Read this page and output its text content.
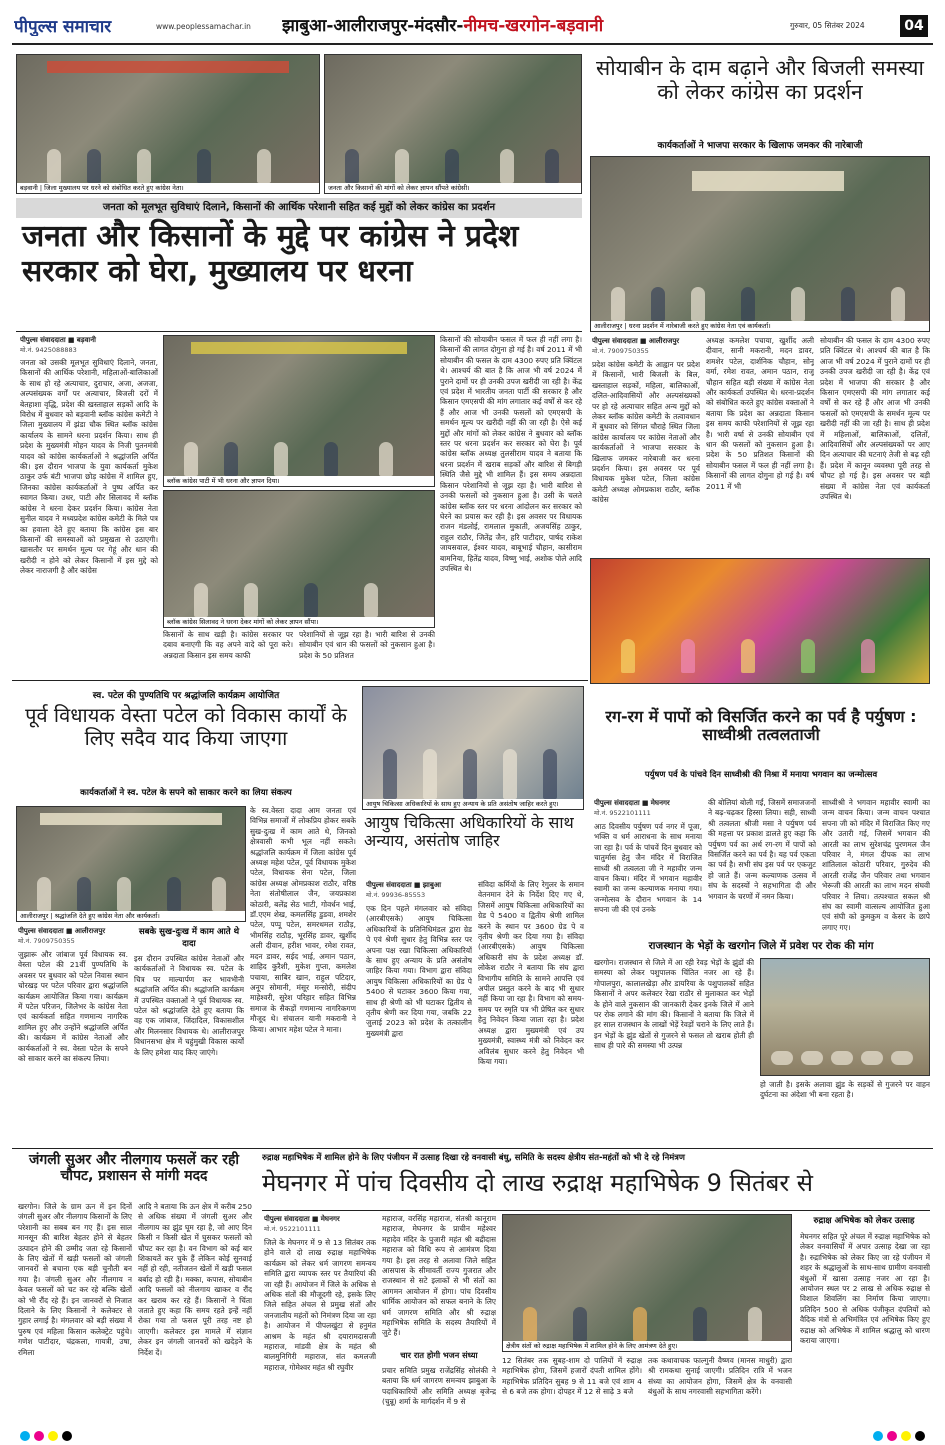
पीपुल्स समाचार	www.peoplessamachar.in	झाबुआ-आलीराजपुर-मंदसौर-नीमच-खरगोन-बड़वानी	गुरुवार, 05 सितंबर 2024	04
बड़वानी | जिला मुख्यालय पर धरने को संबोधित करते हुए कांग्रेस नेता।	जनता और किसानों की मांगों को लेकर ज्ञापन सौंपते कांग्रेसी।
जनता को मूलभूत सुविधाएं दिलाने, किसानों की आर्थिक परेशानी सहित कई मुद्दों को लेकर कांग्रेस का प्रदर्शन
जनता और किसानों के मुद्दे पर कांग्रेस ने प्रदेश सरकार को घेरा, मुख्यालय पर धरना
पीपुल्स संवाददाता ■ बड़वानी
मो.नं. 9425088883
जनता को उसकी मूलभूत सुविधाएं दिलाने, जनता, किसानों की आर्थिक परेशानी, महिलाओं-बालिकाओं के साथ हो रहे अत्याचार, दुराचार, अजा, अजजा, अल्पसंख्यक वर्गों पर अत्याचार, बिजली दरों में बेतहाशा वृद्धि, प्रदेश की खस्ताहाल सड़कों आदि के विरोध में बुधवार को बड़वानी ब्लॉक कांग्रेस कमेटी ने जिला मुख्यालय में झंडा चौक स्थित ब्लॉक कांग्रेस कार्यालय के सामने धरना प्रदर्शन किया। साथ ही प्रदेश के मुख्यमंत्री मोहन यादव के निजी पुतनमंत्री यादव को कांग्रेस कार्यकर्ताओं ने श्रद्धांजलि अर्पित की। इस दौरान भाजपा के युवा कार्यकर्ता मुकेश ठाकुर उर्फ बंटी भाजपा छोड़ कांग्रेस में शामिल हुए, जिनका कांग्रेस कार्यकर्ताओं ने पुष्प अर्पित कर स्वागत किया। उधर, पाटी और सिलावद में ब्लॉक कांग्रेस ने धरना देकर प्रदर्शन किया। कांग्रेस नेता सुनील यादव ने मध्यप्रदेश कांग्रेस कमेटी के मिले पत्र का हवाला देते हुए बताया कि कांग्रेस इस बार किसानों की समस्याओं को प्रमुखता से उठाएगी। खासतौर पर समर्थन मूल्य पर गेहूं और धान की खरीदी न होने को लेकर किसानों में इस मुद्दे को लेकर नाराजगी है और कांग्रेस
ब्लॉक कांग्रेस पाटी में भी धरना और ज्ञापन दिया।
ब्लॉक कांग्रेस सिलावद ने धरना देकर मांगों को लेकर ज्ञापन सौंपा।
किसानों के साथ खड़ी है। कांग्रेस सरकार पर दबाव बनाएगी कि वह अपने वादे को पूरा करे। अन्नदाता किसान इस समय काफी
परेशानियों से जूझ रहा है। भारी बारिश से उनकी सोयाबीन एवं धान की फसलों को नुकसान हुआ है। प्रदेश के 50 प्रतिशत
किसानों की सोयाबीन फसल में फल ही नहीं लगा है। किसानों की लागत दोगुना हो गई है। वर्ष 2011 में भी सोयाबीन की फसल के दाम 4300 रुपए प्रति क्विंटल थे। आश्चर्य की बात है कि आज भी वर्ष 2024 में पुराने दामों पर ही उनकी उपज खरीदी जा रही है। केंद्र एवं प्रदेश में भारतीय जनता पार्टी की सरकार है और किसान एमएसपी की मांग लगातार कई वर्षों से कर रहे हैं और आज भी उनकी फसलों को एमएसपी के समर्थन मूल्य पर खरीदी नहीं की जा रही है। ऐसे कई मुद्दों और मांगों को लेकर कांग्रेस ने बुधवार को ब्लॉक स्तर पर धरना प्रदर्शन कर सरकार को घेरा है। पूर्व कांग्रेस ब्लॉक अध्यक्ष तुलसीराम यादव ने बताया कि धरना प्रदर्शन में खराब सड़कों और बारिश से बिगड़ी स्थिति जैसे मुद्दे भी शामिल हैं। इस समय अन्नदाता किसान परेशानियों से जूझ रहा है। भारी बारिश से उनकी फसलों को नुकसान हुआ है। उसी के चलते कांग्रेस ब्लॉक स्तर पर धरना आंदोलन कर सरकार को घेरने का प्रयास कर रही है। इस अवसर पर विधायक राजन मंडलोई, रामलाल मुकाती, अजयसिंह ठाकुर, राहुल राठौर, जितेंद्र जैन, हरि पाटीदार, पार्षद राकेश जायसवाल, ईश्वर यादव, बाबूभाई चौहान, कासीराम बामनिया, हितेंद्र यादव, विष्णु भाई, अशोक पोले आदि उपस्थित थे।
सोयाबीन के दाम बढ़ाने और बिजली समस्या को लेकर कांग्रेस का प्रदर्शन
कार्यकर्ताओं ने भाजपा सरकार के खिलाफ जमकर की नारेबाजी
आलीराजपुर | धरना प्रदर्शन में नारेबाजी करते हुए कांग्रेस नेता एवं कार्यकर्ता।
पीपुल्स संवाददाता ■ आलीराजपुर
मो.नं. 7909750355
प्रदेश कांग्रेस कमेटी के आह्वान पर प्रदेश में किसानों, भारी बिजली के बिल, खस्ताहाल सड़कों, महिला, बालिकाओं, दलित-आदिवासियों और अल्पसंख्यकों पर हो रहे अत्याचार सहित अन्य मुद्दों को लेकर ब्लॉक कांग्रेस कमेटी के तत्वावधान में बुधवार को सिंगल चौराहे स्थित जिला कांग्रेस कार्यालय पर कांग्रेस नेताओं और कार्यकर्ताओं ने भाजपा सरकार के खिलाफ जमकर नारेबाजी कर धरना प्रदर्शन किया। इस अवसर पर पूर्व विधायक मुकेश पटेल, जिला कांग्रेस कमेटी अध्यक्ष ओमप्रकाश राठौर, ब्लॉक कांग्रेस
अध्यक्ष कमलेश पचाया, खुर्शीद अली दीवान, सानी मकरानी, मदन डावर, शमशेर पटेल, दार्शनिक चौहान, सोनू वर्मा, रमेश रावत, अमान पठान, राजू चौहान सहित बड़ी संख्या में कांग्रेस नेता और कार्यकर्ता उपस्थित थे। धरना-प्रदर्शन को संबोधित करते हुए कांग्रेस वक्ताओं ने बताया कि प्रदेश का अन्नदाता किसान इस समय काफी परेशानियों से जूझ रहा है। भारी वर्षा से उनकी सोयाबीन एवं धान की फसलों को नुकसान हुआ है। प्रदेश के 50 प्रतिशत किसानों की सोयाबीन फसल में फल ही नहीं लगा है। किसानों की लागत दोगुना हो गई है। वर्ष 2011 में भी
सोयाबीन की फसल के दाम 4300 रुपए प्रति क्विंटल थे। आश्चर्य की बात है कि आज भी वर्ष 2024 में पुराने दामों पर ही उनकी उपज खरीदी जा रही है। केंद्र एवं प्रदेश में भाजपा की सरकार है और किसान एमएसपी की मांग लगातार कई वर्षों से कर रहे हैं और आज भी उनकी फसलों को एमएसपी के समर्थन मूल्य पर खरीदी नहीं की जा रही है। साथ ही प्रदेश में महिलाओं, बालिकाओं, दलितों, आदिवासियों और अल्पसंख्यकों पर आए दिन अत्याचार की घटनाएं तेजी से बढ़ रही हैं। प्रदेश में कानून व्यवस्था पूरी तरह से चौपट हो गई है। इस अवसर पर बड़ी संख्या में कांग्रेस नेता एवं कार्यकर्ता उपस्थित थे।
स्व. पटेल की पुण्यतिथि पर श्रद्धांजलि कार्यक्रम आयोजित
पूर्व विधायक वेस्ता पटेल को विकास कार्यों के लिए सदैव याद किया जाएगा
कार्यकर्ताओं ने स्व. पटेल के सपने को साकार करने का लिया संकल्प
आलीराजपुर | श्रद्धांजलि देते हुए कांग्रेस नेता और कार्यकर्ता।
पीपुल्स संवाददाता ■ आलीराजपुर
मो.नं. 7909750355
जुझारू और जांबाज पूर्व विधायक स्व. वेस्ता पटेल की 21वीं पुण्यतिथि के अवसर पर बुधवार को पटेल निवास स्थान चोरखड़ पर पटेल परिवार द्वारा श्रद्धांजलि कार्यक्रम आयोजित किया गया। कार्यक्रम में पटेल परिजन, जिलेभर के कांग्रेस नेता एवं कार्यकर्ता सहित गणमान्य नागरिक शामिल हुए और उन्होंने श्रद्धांजलि अर्पित की। कार्यक्रम में कांग्रेस नेताओं और कार्यकर्ताओं ने स्व. वेस्ता पटेल के सपने को साकार करने का संकल्प लिया।
सबके सुख-दुःख में काम आते थे दादा
इस दौरान उपस्थित कांग्रेस नेताओं और कार्यकर्ताओं ने विधायक स्व. पटेल के चित्र पर माल्यार्पण कर भावभीनी श्रद्धांजलि अर्पित की। श्रद्धांजलि कार्यक्रम में उपस्थित वक्ताओं ने पूर्व विधायक स्व. पटेल को श्रद्धांजलि देते हुए बताया कि वह एक जांबाज, जिंदादिल, विकासशील और मिलनसार विधायक थे। आलीराजपुर विधानसभा क्षेत्र में चहुंमुखी विकास कार्यों के लिए हमेशा याद किए जाएंगे।
के स्व.वेस्ता दादा आम जनता एवं विभिन्न समाजों में लोकप्रिय होकर सबके सुख-दुःख में काम आते थे, जिनको क्षेत्रवासी कभी भूल नहीं सकते। श्रद्धांजलि कार्यक्रम में जिला कांग्रेस पूर्व अध्यक्ष महेश पटेल, पूर्व विधायक मुकेश पटेल, विधायक सेना पटेल, जिला कांग्रेस अध्यक्ष ओमप्रकाश राठौर, वरिष्ठ नेता संतोषीलाल जैन, जयप्रकाश कोठारी, बलेंद्र सेठ भाटी, गोवर्धन भाई, डॉ.एएम शेख, कमलसिंह डुडवा, शमशेर पटेल, पप्पू पटेल, समरथमल राठौड़, भीमसिंह राठौड़, भूरसिंह डावर, खुर्शीद अली दीवान, हरीश भावर, रमेश रावत, मदन डावर, सईद भाई, अमान पठान, शाहिद कुरैशी, मुकेश गुप्ता, कमलेश पचाया, साबिर खान, राहुल पटिदार, अनूप सोमानी, मंसूर मन्सोरी, संदीप माहेश्वरी, सुरेश परिहार सहित विभिन्न समाज के सैकड़ों गणमान्य नागरिकगण मौजूद थे। संचालन यानी मकरानी ने किया। आभार महेश पटेल ने माना।
आयुष चिकित्सा अधिकारियों के साथ हुए अन्याय के प्रति असंतोष जाहिर करते हुए।
आयुष चिकित्सा अधिकारियों के साथ अन्याय, असंतोष जाहिर
पीपुल्स संवाददाता ■ झाबुआ
मो.नं. 99936-85553
एक दिन पहले मंगलवार को संविदा (आरबीएसके) आयुष चिकित्सा अधिकारियों के प्रतिनिधिमंडल द्वारा ग्रेड पे एवं श्रेणी सुधार हेतु विभिन्न स्तर पर अपना पक्ष रखा चिकित्सा अधिकारियों के साथ हुए अन्याय के प्रति असंतोष जाहिर किया गया। विभाग द्वारा संविदा आयुष चिकित्सा अधिकारियों का ग्रेड पे 5400 से घटाकर 3600 किया गया, साथ ही श्रेणी को भी घटाकर द्वितीय से तृतीय श्रेणी कर दिया गया, जबकि 22 जुलाई 2023 को प्रदेश के तत्कालीन मुख्यमंत्री द्वारा
संविदा कर्मियों के लिए रेगुलर के समान वेतनमान देने के निर्देश दिए गए थे, जिसमें आयुष चिकित्सा अधिकारियों का ग्रेड पे 5400 व द्वितीय श्रेणी शामिल करने के स्थान पर 3600 ग्रेड पे व तृतीय श्रेणी कर दिया गया है। संविदा (आरबीएसके) आयुष चिकित्सा अधिकारी संघ के प्रदेश अध्यक्ष डॉ. लोकेश राठौर ने बताया कि संघ द्वारा विभागीय समिति के सामने आपत्ति एवं अपील प्रस्तुत करने के बाद भी सुधार नहीं किया जा रहा है। विभाग को समय-समय पर स्मृति पत्र भी प्रेषित कर सुधार हेतु निवेदन किया जाता रहा है। प्रदेश अध्यक्ष द्वारा मुख्यमंत्री एवं उप मुख्यमंत्री, स्वास्थ्य मंत्री को निवेदन कर अविलंब सुधार करने हेतु निवेदन भी किया गया।
रग-रग में पापों को विसर्जित करने का पर्व है पर्युषण : साध्वीश्री तत्वलताजी
पर्युषण पर्व के पांचवे दिन साध्वीश्री की निश्रा में मनाया भगवान का जन्मोत्सव
पीपुल्स संवाददाता ■ मेघनगर
मो.नं. 9522101111
आठ दिवसीय पर्युषण पर्व नगर में पूजा, भक्ति व धर्म आराधना के साथ मनाया जा रहा है। पर्व के पांचवें दिन बुधवार को चातुर्मास हेतु जैन मंदिर में विराजित साध्वी श्री तत्वलता जी ने महावीर जन्म वाचन किया। मंदिर में भगवान महावीर स्वामी का जन्म कल्याणक मनाया गया। जन्मोत्सव के दौरान भगवान के 14 सपना जी की एवं उनके
की बोलियां बोली गईं, जिसमें समाजजनों ने बढ़-चढ़कर हिस्सा लिया। सही, साध्वी श्री तत्वलता श्रीजी मसा ने पर्युषण पर्व की महत्ता पर प्रकाश डालते हुए कहा कि पर्युषण पर्व का अर्थ रग-रग में पापों को विसर्जित करने का पर्व है। यह पर्व एकता का पर्व है। सभी संघ इस पर्व पर एकजुट हो जाते हैं। जन्म कल्याणक उत्सव में संघ के सदस्यों ने सहभागिता दी और भगवान के चरणों में नमन किया।
साध्वीश्री ने भगवान महावीर स्वामी का जन्म वाचन किया। जन्म वाचन पश्चात सपना जी को मंदिर में विराजित किए गए और उतारी गई, जिसमें भगवान की आरती का लाभ सुरेशचंद्र पुरणमल जैन परिवार ने, मंगल दीपक का लाभ शांतिलाल कोठारी परिवार, गुरुदेव की आरती राजेंद्र जैन परिवार तथा भगवान भेरूजी की आरती का लाभ मदन संघवी परिवार ने लिया। तत्पश्चात सकल श्री संघ का स्वामी वात्सल्य आयोजित हुआ एवं संघी को कुमकुम व केसर के छापे लगाए गए।
राजस्थान के भेड़ों के खरगोन जिले में प्रवेश पर रोक की मांग
खरगोन। राजस्थान से जिले में आ रही रेवड़ भेड़ों के झुंडों की समस्या को लेकर पशुपालक चिंतित नजर आ रहे हैं। गोपालपुरा, कालालखेड़ा और डायरिया के पशुपालकों सहित किसानों ने अपर कलेक्टर रेखा राठौर से मुलाकात कर भेड़ों के होने वाले नुकसान की जानकारी देकर इनके जिले में आने पर रोक लगाने की मांग की। किसानों ने बताया कि जिले में हर साल राजस्थान के लाखों भेड़ें रेवड़ों चराने के लिए लाते हैं। इन भेड़ों के झुंड खेतों से गुजरने से फसल तो खराब होती ही साथ ही पारे की समस्या भी उत्पन्न
हो जाती है। इसके अलावा झुंड के सड़कों से गुजरने पर वाहन दुर्घटना का अंदेशा भी बना रहता है।
जंगली सुअर और नीलगाय फसलें कर रही चौपट, प्रशासन से मांगी मदद
खरगोन। जिले के ग्राम ऊन में इन दिनों जंगली सुअर और नीलगाय किसानों के लिए परेशानी का सबब बन गए हैं। इस साल मानसून की बारिश बेहतर होने से बेहतर उत्पादन होने की उम्मीद जता रहे किसानों के लिए खेतों में खड़ी फसलों को जंगली जानवरों से बचाना एक बड़ी चुनौती बन गया है। जंगली सुअर और नीलगाय न केवल फसलों को चट कर रहे बल्कि खेतों को भी रौंद रहे हैं। इन जानवरों से निजात दिलाने के लिए किसानों ने कलेक्टर से गुहार लगाई है। मंगलवार को बड़ी संख्या में पुरुष एवं महिला किसान कलेक्ट्रेट पहुंचे। गणेश पाटीदार, चंद्रकला, गायत्री, उषा, रमिला
आदि ने बताया कि ऊन क्षेत्र में करीब 250 से अधिक संख्या में जंगली सुअर और नीलगाय का झुंड घूम रहा है, जो आए दिन किसी न किसी खेत में घुसकर फसलों को चौपट कर रहा है। वन विभाग को कई बार शिकायतें कर चुके हैं लेकिन कोई सुनवाई नहीं हो रही, नतीजतन खेतों में खड़ी फसल बर्बाद हो रही है। मक्का, कपास, सोयाबीन आदि फसलों को नीलगाय खाकर व रौंद कर खराब कर रहे हैं। किसानों ने चिंता जताते हुए कहा कि समय रहते इन्हें नहीं रोका गया तो फसल पूरी तरह नष्ट हो जाएगी। कलेक्टर इस मामले में संज्ञान लेकर इन जंगली जानवरों को खदेड़ने के निर्देश दें।
रुद्राक्ष महाभिषेक में शामिल होने के लिए पंजीयन में उत्साह दिखा रहे वनवासी बंधु, समिति के सदस्य क्षेत्रीय संत-महंतों को भी दे रहे निमंत्रण
मेघनगर में पांच दिवसीय दो लाख रुद्राक्ष महाभिषेक 9 सितंबर से
पीपुल्स संवाददाता ■ मेघनगर
मो.नं. 9522101111
जिले के मेघनगर में 9 से 13 सितंबर तक होने वाले दो लाख रुद्राक्ष महाभिषेक कार्यक्रम को लेकर धर्म जागरण समन्वय समिति द्वारा व्यापक स्तर पर तैयारियां की जा रही हैं। आयोजन में जिले के अधिक से अधिक संतों की मौजूदगी रहे, इसके लिए जिले सहित अंचल से प्रमुख संतों और जनजातीय महंतों को निमंत्रण दिया जा रहा है। आयोजन में पीपलखुंटा से हनुमंत आश्रम के महंत श्री दयारामदासजी महाराज, मांडवी क्षेत्र के महंत श्री बालमुनिगिरी महाराज, संत कमलजी महाराज, गोमेश्वर महंत श्री रघुवीर
महाराज, वरसिंह महाराज, संतश्री कानूराम महाराज, मेघनगर के प्राचीन महेश्वर महादेव मंदिर के पुजारी महंत श्री बद्रीदास महाराज को विधि रूप से आमंत्रण दिया गया है। इस तरह से अलावा जिले सहित आसपास के सीमावर्ती राज्य गुजरात और राजस्थान से सटे इलाकों से भी संतों का आगमन आयोजन में होगा। पांच दिवसीय धार्मिक आयोजन को सफल बनाने के लिए धर्म जागरण समिति और श्री रुद्राक्ष महाभिषेक समिति के सदस्य तैयारियों में जुटे हैं।
चार रात होगी भजन संध्या
प्रचार समिति प्रमुख राजेंद्रसिंह सोलंकी ने बताया कि धर्म जागरण समन्वय झाबुआ के पदाधिकारियों और समिति अध्यक्ष बृजेन्द्र (चुन्नू) शर्मा के मार्गदर्शन में 9 से
क्षेत्रीय संतों को रुद्राक्ष महाभिषेक में शामिल होने के लिए आमंत्रण देते हुए।
12 सितंबर तक सुबह-शाम दो पालियों में रुद्राक्ष महाभिषेक होगा, जिसमें हजारों दंपती शामिल होंगे। महाभिषेक प्रतिदिन सुबह 9 से 11 बजे एवं शाम 4 से 6 बजे तक होगा। दोपहर में 12 से साढ़े 3 बजे
तक कथावाचक फाल्गुनी वैष्णव (मानस माधुरी) द्वारा श्री रामकथा सुनाई जाएगी। प्रतिदिन रात्रि में भजन संध्या का आयोजन होगा, जिसमें क्षेत्र के वनवासी बंधुओं के साथ नगरवासी सहभागिता करेंगे।
रुद्राक्ष अभिषेक को लेकर उत्साह
मेघनगर सहित पूरे अंचल में रुद्राक्ष महाभिषेक को लेकर वनवासियों में अपार उत्साह देखा जा रहा है। रुद्राभिषेक को लेकर किए जा रहे पंजीयन में शहर के श्रद्धालुओं के साथ-साथ ग्रामीण वनवासी बंधुओं में खासा उत्साह नजर आ रहा है। आयोजन स्थल पर 2 लाख से अधिक रुद्राक्ष से विशाल शिवलिंग का निर्माण किया जाएगा। प्रतिदिन 500 से अधिक पंजीकृत दंपतियों को वैदिक मंत्रों से अभिमंत्रित एवं अभिषेक किए हुए रुद्राक्ष को अभिषेक में शामिल श्रद्धालु को धारण कराया जाएगा।
